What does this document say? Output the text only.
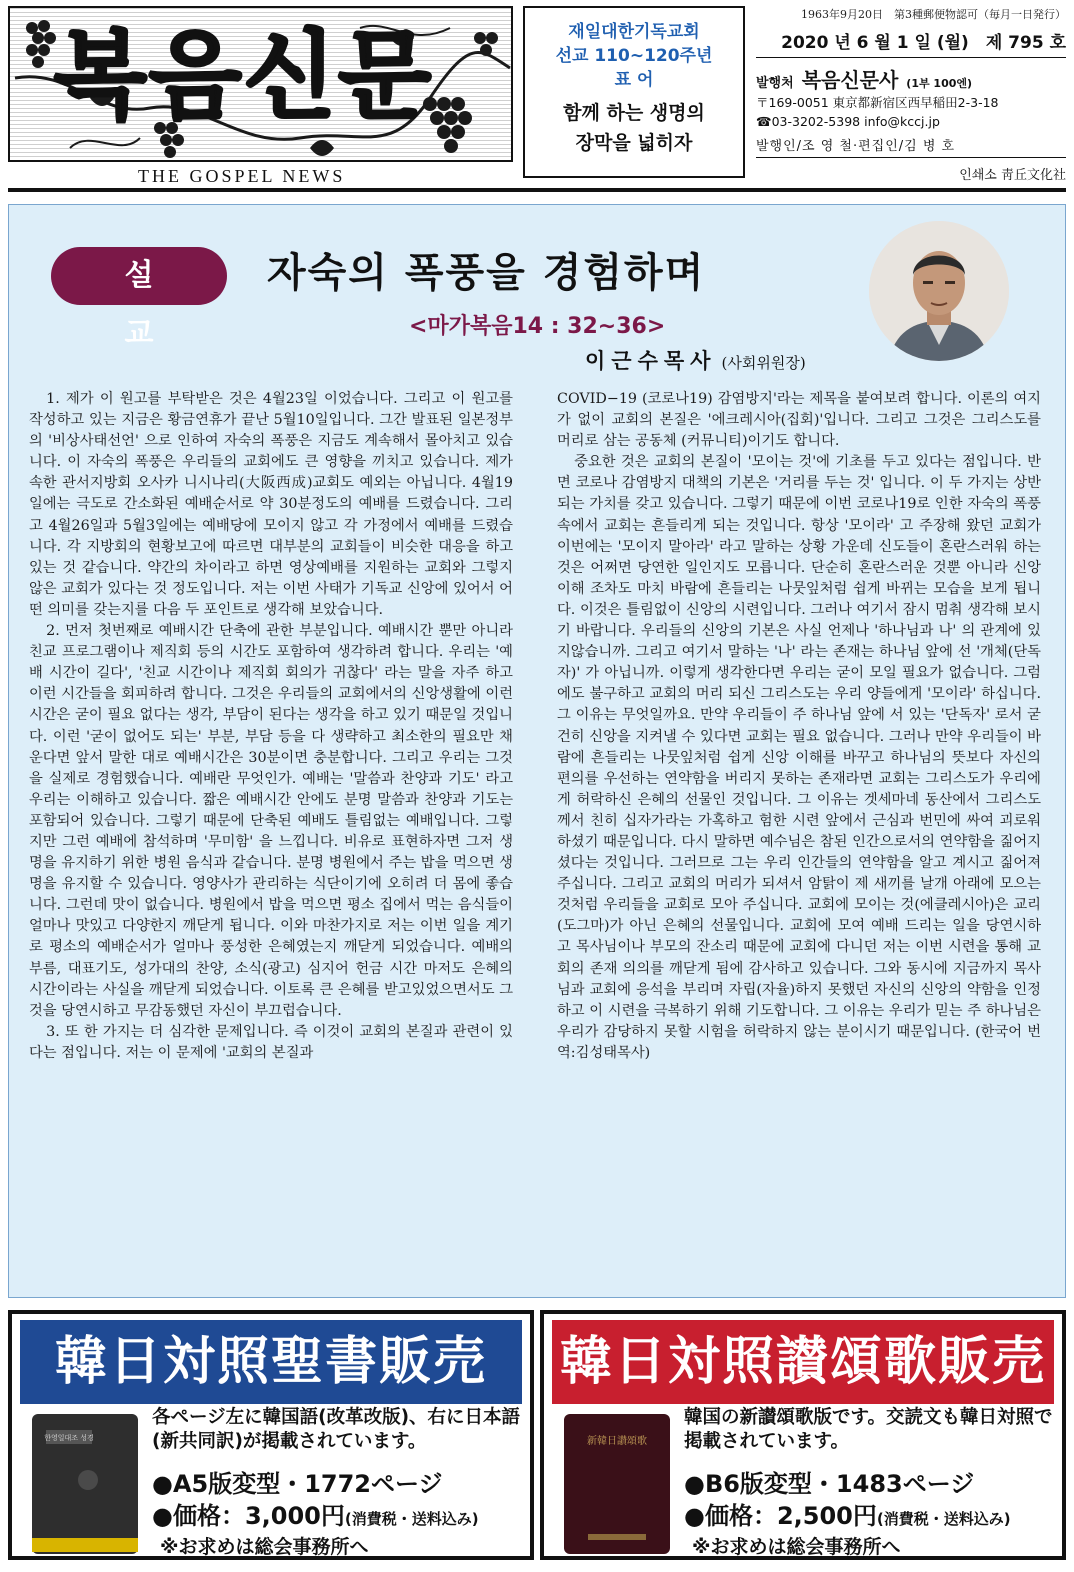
복음신문
THE GOSPEL NEWS
재일대한기독교회
선교 110∼120주년
표 어
함께 하는 생명의
장막을 넓히자
1963年9月20日　第3種郵便物認可（毎月一日発行）
2020 년 6 월 1 일 (월)　제 795 호
발행처 복음신문사 (1부 100엔)
〒169-0051 東京都新宿区西早稲田2-3-18
☎03-3202-5398 info@kccj.jp
발행인/조 영 철·편집인/김 병 호
인쇄소 靑丘文化社
설교
자숙의 폭풍을 경험하며
<마가복음14 : 32∼36>
이근수목사 (사회위원장)

1. 제가 이 원고를 부탁받은 것은 4월23일 이었습니다. 그리고 이 원고를 작성하고 있는 지금은 황금연휴가 끝난 5월10일입니다. 그간 발표된 일본정부의 '비상사태선언' 으로 인하여 자숙의 폭풍은 지금도 계속해서 몰아치고 있습니다. 이 자숙의 폭풍은 우리들의 교회에도 큰 영향을 끼치고 있습니다. 제가 속한 관서지방회 오사카 니시나리(大阪西成)교회도 예외는 아닙니다. 4월19일에는 극도로 간소화된 예배순서로 약 30분정도의 예배를 드렸습니다. 그리고 4월26일과 5월3일에는 예배당에 모이지 않고 각 가정에서 예배를 드렸습니다. 각 지방회의 현황보고에 따르면 대부분의 교회들이 비슷한 대응을 하고 있는 것 같습니다. 약간의 차이라고 하면 영상예배를 지원하는 교회와 그렇지 않은 교회가 있다는 것 정도입니다. 저는 이번 사태가 기독교 신앙에 있어서 어떤 의미를 갖는지를 다음 두 포인트로 생각해 보았습니다.

2. 먼저 첫번째로 예배시간 단축에 관한 부분입니다. 예배시간 뿐만 아니라 친교 프로그램이나 제직회 등의 시간도 포함하여 생각하려 합니다. 우리는 '예배 시간이 길다', '친교 시간이나 제직회 회의가 귀찮다' 라는 말을 자주 하고 이런 시간들을 회피하려 합니다. 그것은 우리들의 교회에서의 신앙생활에 이런 시간은 굳이 필요 없다는 생각, 부담이 된다는 생각을 하고 있기 때문일 것입니다. 이런 '굳이 없어도 되는' 부분, 부담 등을 다 생략하고 최소한의 필요만 채운다면 앞서 말한 대로 예배시간은 30분이면 충분합니다. 그리고 우리는 그것을 실제로 경험했습니다. 예배란 무엇인가. 예배는 '말씀과 찬양과 기도' 라고 우리는 이해하고 있습니다. 짧은 예배시간 안에도 분명 말씀과 찬양과 기도는 포함되어 있습니다. 그렇기 때문에 단축된 예배도 틀림없는 예배입니다. 그렇지만 그런 예배에 참석하며 '무미함' 을 느낍니다. 비유로 표현하자면 그저 생명을 유지하기 위한 병원 음식과 같습니다. 분명 병원에서 주는 밥을 먹으면 생명을 유지할 수 있습니다. 영양사가 관리하는 식단이기에 오히려 더 몸에 좋습니다. 그런데 맛이 없습니다. 병원에서 밥을 먹으면 평소 집에서 먹는 음식들이 얼마나 맛있고 다양한지 깨닫게 됩니다. 이와 마찬가지로 저는 이번 일을 계기로 평소의 예배순서가 얼마나 풍성한 은혜였는지 깨닫게 되었습니다. 예배의 부름, 대표기도, 성가대의 찬양, 소식(광고) 심지어 헌금 시간 마저도 은혜의 시간이라는 사실을 깨닫게 되었습니다. 이토록 큰 은혜를 받고있었으면서도 그것을 당연시하고 무감동했던 자신이 부끄럽습니다.

3. 또 한 가지는 더 심각한 문제입니다. 즉 이것이 교회의 본질과 관련이 있다는 점입니다. 저는 이 문제에 '교회의 본질과

COVID−19 (코로나19) 감염방지'라는 제목을 붙여보려 합니다. 이론의 여지가 없이 교회의 본질은 '에크레시아(집회)'입니다. 그리고 그것은 그리스도를 머리로 삼는 공동체 (커뮤니티)이기도 합니다.

중요한 것은 교회의 본질이 '모이는 것'에 기초를 두고 있다는 점입니다. 반면 코로나 감염방지 대책의 기본은 '거리를 두는 것' 입니다. 이 두 가지는 상반되는 가치를 갖고 있습니다. 그렇기 때문에 이번 코로나19로 인한 자숙의 폭풍 속에서 교회는 흔들리게 되는 것입니다. 항상 '모이라' 고 주장해 왔던 교회가 이번에는 '모이지 말아라' 라고 말하는 상황 가운데 신도들이 혼란스러워 하는 것은 어쩌면 당연한 일인지도 모릅니다. 단순히 혼란스러운 것뿐 아니라 신앙 이해 조차도 마치 바람에 흔들리는 나뭇잎처럼 쉽게 바뀌는 모습을 보게 됩니다. 이것은 틀림없이 신앙의 시련입니다. 그러나 여기서 잠시 멈춰 생각해 보시기 바랍니다. 우리들의 신앙의 기본은 사실 언제나 '하나님과 나' 의 관계에 있지않습니까. 그리고 여기서 말하는 '나' 라는 존재는 하나님 앞에 선 '개체(단독자)' 가 아닙니까. 이렇게 생각한다면 우리는 굳이 모일 필요가 없습니다. 그럼에도 불구하고 교회의 머리 되신 그리스도는 우리 양들에게 '모이라' 하십니다. 그 이유는 무엇일까요. 만약 우리들이 주 하나님 앞에 서 있는 '단독자' 로서 굳건히 신앙을 지켜낼 수 있다면 교회는 필요 없습니다. 그러나 만약 우리들이 바람에 흔들리는 나뭇잎처럼 쉽게 신앙 이해를 바꾸고 하나님의 뜻보다 자신의 편의를 우선하는 연약함을 버리지 못하는 존재라면 교회는 그리스도가 우리에게 허락하신 은혜의 선물인 것입니다. 그 이유는 겟세마네 동산에서 그리스도께서 친히 십자가라는 가혹하고 험한 시련 앞에서 근심과 번민에 싸여 괴로워하셨기 때문입니다. 다시 말하면 예수님은 참된 인간으로서의 연약함을 짊어지셨다는 것입니다. 그러므로 그는 우리 인간들의 연약함을 알고 계시고 짊어져 주십니다. 그리고 교회의 머리가 되셔서 암탉이 제 새끼를 날개 아래에 모으는 것처럼 우리들을 교회로 모아 주십니다. 교회에 모이는 것(에클레시아)은 교리(도그마)가 아닌 은혜의 선물입니다. 교회에 모여 예배 드리는 일을 당연시하고 목사님이나 부모의 잔소리 때문에 교회에 다니던 저는 이번 시련을 통해 교회의 존재 의의를 깨닫게 됨에 감사하고 있습니다. 그와 동시에 지금까지 목사님과 교회에 응석을 부리며 자립(자율)하지 못했던 자신의 신앙의 약함을 인정하고 이 시련을 극복하기 위해 기도합니다. 그 이유는 우리가 믿는 주 하나님은 우리가 감당하지 못할 시험을 허락하지 않는 분이시기 때문입니다. (한국어 번역:김성태목사)

韓日対照聖書販売
한영일대조 성경
各ページ左に韓国語(改革改版)、右に日本語(新共同訳)が掲載されています。
●A5版変型・1772ページ
●価格：3,000円(消費税・送料込み)
※お求めは総会事務所へ
韓日対照讃頌歌販売
新韓日讃頌歌
韓国の新讃頌歌版です。交読文も韓日対照で掲載されています。
●B6版変型・1483ページ
●価格：2,500円(消費税・送料込み)
※お求めは総会事務所へ
